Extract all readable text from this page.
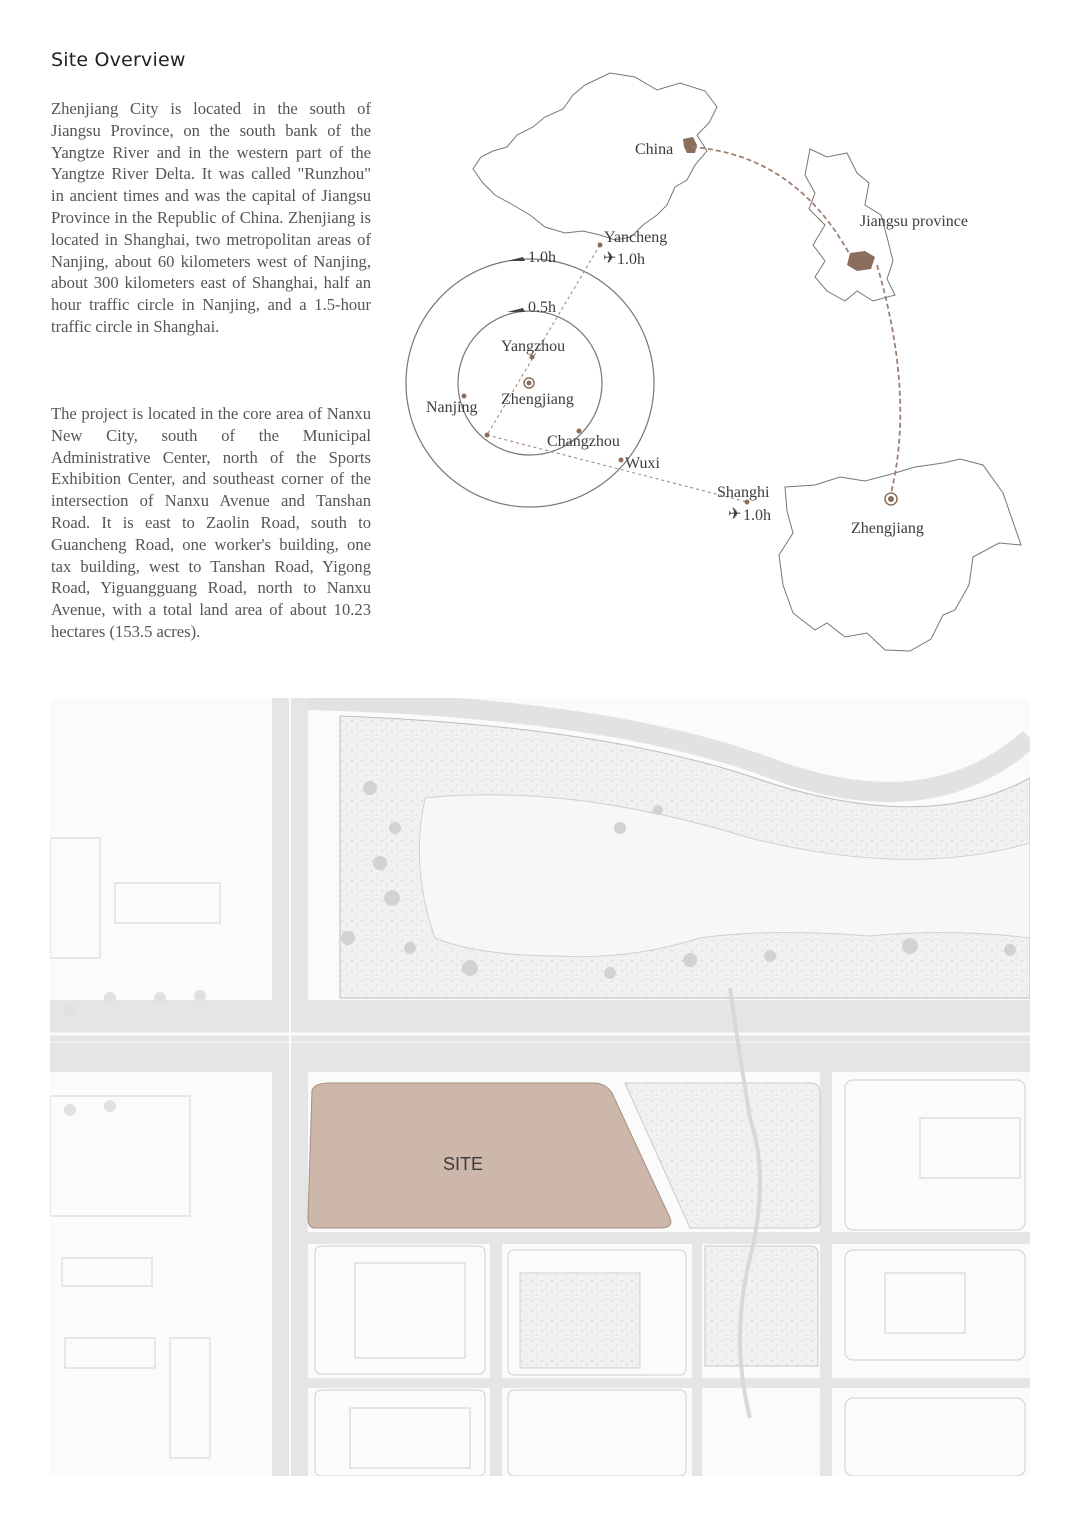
Site Overview
Zhenjiang City is located in the south of Jiangsu Province, on the south bank of the Yangtze River and in the western part of the Yangtze River Delta. It was called "Runzhou" in ancient times and was the capital of Jiangsu Province in the Republic of China. Zhenjiang is located in Shanghai, two metropolitan areas of Nanjing, about 60 kilometers west of Nanjing, about 300 kilometers east of Shanghai, half an hour traffic circle in Nanjing, and a 1.5-hour traffic circle in Shanghai.
The project is located in the core area of Nanxu New City, south of the Municipal Administrative Center, north of the Sports Exhibition Center, and southeast corner of the intersection of Nanxu Avenue and Tanshan Road. It is east to Zaolin Road, south to Guancheng Road, one worker's building, one tax building, west to Tanshan Road, Yigong Road, Yiguangguang Road, north to Nanxu Avenue, with a total land area of about 10.23 hectares (153.5 acres).
China
Jiangsu province
Zhengjiang
1.0h
0.5h
Yancheng
✈ 1.0h
Yangzhou
Zhengjiang
Nanjing
Changzhou
Wuxi
Shanghi
✈ 1.0h
SITE
